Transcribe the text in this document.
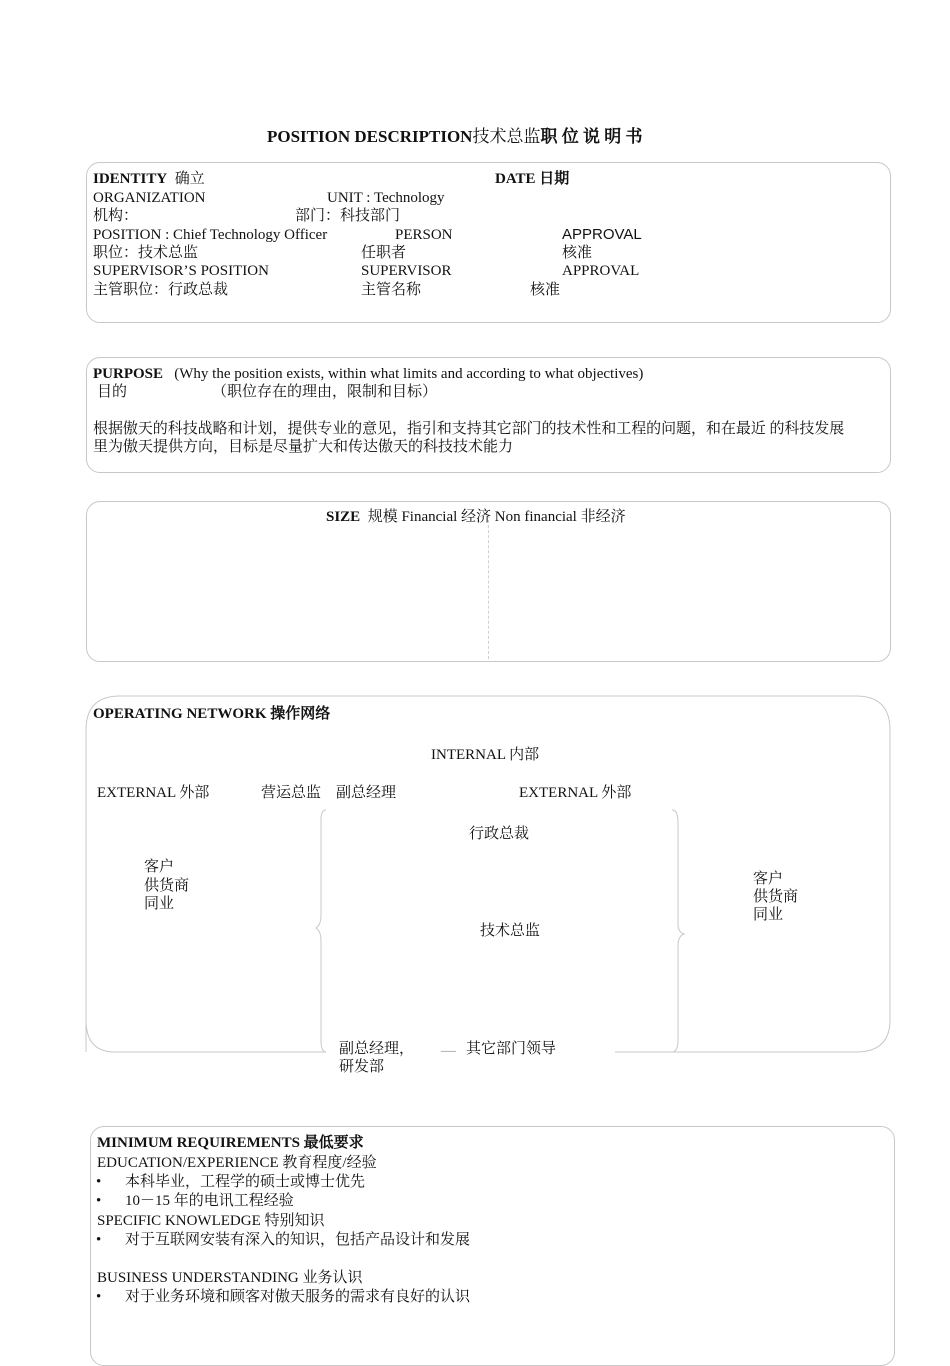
POSITION DESCRIPTION技术总监职 位 说 明 书
IDENTITY 确立	DATE 日期
ORGANIZATION	UNIT : Technology
机构：	部门：科技部门
POSITION : Chief Technology Officer	PERSON	APPROVAL
职位：技术总监	任职者	核准
SUPERVISOR’S POSITION	SUPERVISOR	APPROVAL
主管职位：行政总裁	主管名称	核准
PURPOSE (Why the position exists, within what limits and according to what objectives)
目的	（职位存在的理由，限制和目标）
根据傲天的科技战略和计划，提供专业的意见，指引和支持其它部门的技术性和工程的问题，和在最近 的科技发展
里为傲天提供方向，目标是尽量扩大和传达傲天的科技技术能力
SIZE 规模 Financial 经济 Non financial 非经济
OPERATING NETWORK 操作网络
INTERNAL 内部
EXTERNAL 外部	营运总监 副总经理	EXTERNAL 外部
行政总裁
技术总监
客户
供货商
同业
客户
供货商
同业
副总经理，
研发部
— 其它部门领导
MINIMUM REQUIREMENTS 最低要求
EDUCATION/EXPERIENCE 教育程度/经验
• 本科毕业，工程学的硕士或博士优先
• 10－15 年的电讯工程经验
SPECIFIC KNOWLEDGE 特别知识
• 对于互联网安装有深入的知识，包括产品设计和发展
BUSINESS UNDERSTANDING 业务认识
• 对于业务环境和顾客对傲天服务的需求有良好的认识
